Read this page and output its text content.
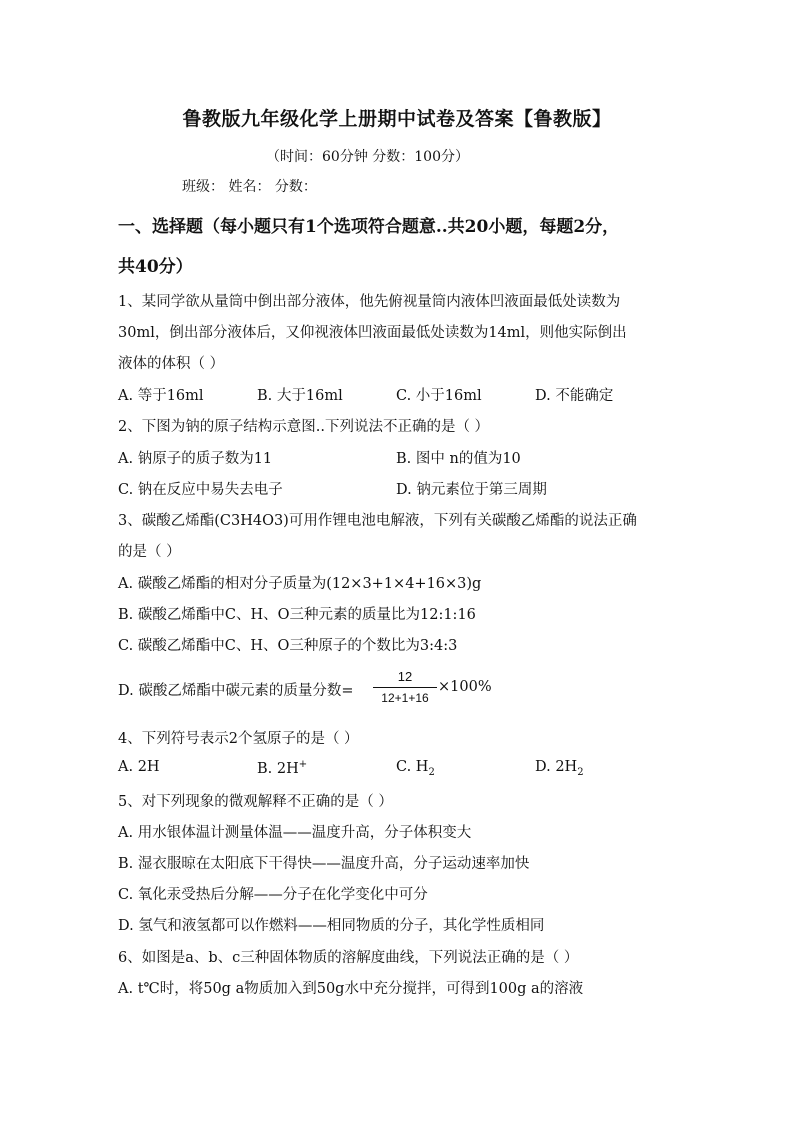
鲁教版九年级化学上册期中试卷及答案【鲁教版】
（时间：60分钟 分数：100分）
班级： 姓名： 分数：
一、选择题（每小题只有1个选项符合题意..共20小题，每题2分，
共40分）
1、某同学欲从量筒中倒出部分液体，他先俯视量筒内液体凹液面最低处读数为
30ml，倒出部分液体后，又仰视液体凹液面最低处读数为14ml，则他实际倒出
液体的体积（ ）
A. 等于16ml	B. 大于16ml	C. 小于16ml	D. 不能确定
2、下图为钠的原子结构示意图..下列说法不正确的是（ ）
A. 钠原子的质子数为11	B. 图中 n的值为10
C. 钠在反应中易失去电子	D. 钠元素位于第三周期
3、碳酸乙烯酯(C3H4O3)可用作锂电池电解液，下列有关碳酸乙烯酯的说法正确
的是（ ）
A. 碳酸乙烯酯的相对分子质量为(12×3+1×4+16×3)g
B. 碳酸乙烯酯中C、H、O三种元素的质量比为12:1:16
C. 碳酸乙烯酯中C、H、O三种原子的个数比为3:4:3
D. 碳酸乙烯酯中碳元素的质量分数=
12
12+1+16
×100%
4、下列符号表示2个氢原子的是（ ）
A. 2H	B. 2H+	C. $H_2$	D. $2H_2$
5、对下列现象的微观解释不正确的是（ ）
A. 用水银体温计测量体温——温度升高，分子体积变大
B. 湿衣服晾在太阳底下干得快——温度升高，分子运动速率加快
C. 氧化汞受热后分解——分子在化学变化中可分
D. 氢气和液氢都可以作燃料——相同物质的分子，其化学性质相同
6、如图是a、b、c三种固体物质的溶解度曲线，下列说法正确的是（ ）
A. t℃时，将50g a物质加入到50g水中充分搅拌，可得到100g a的溶液
